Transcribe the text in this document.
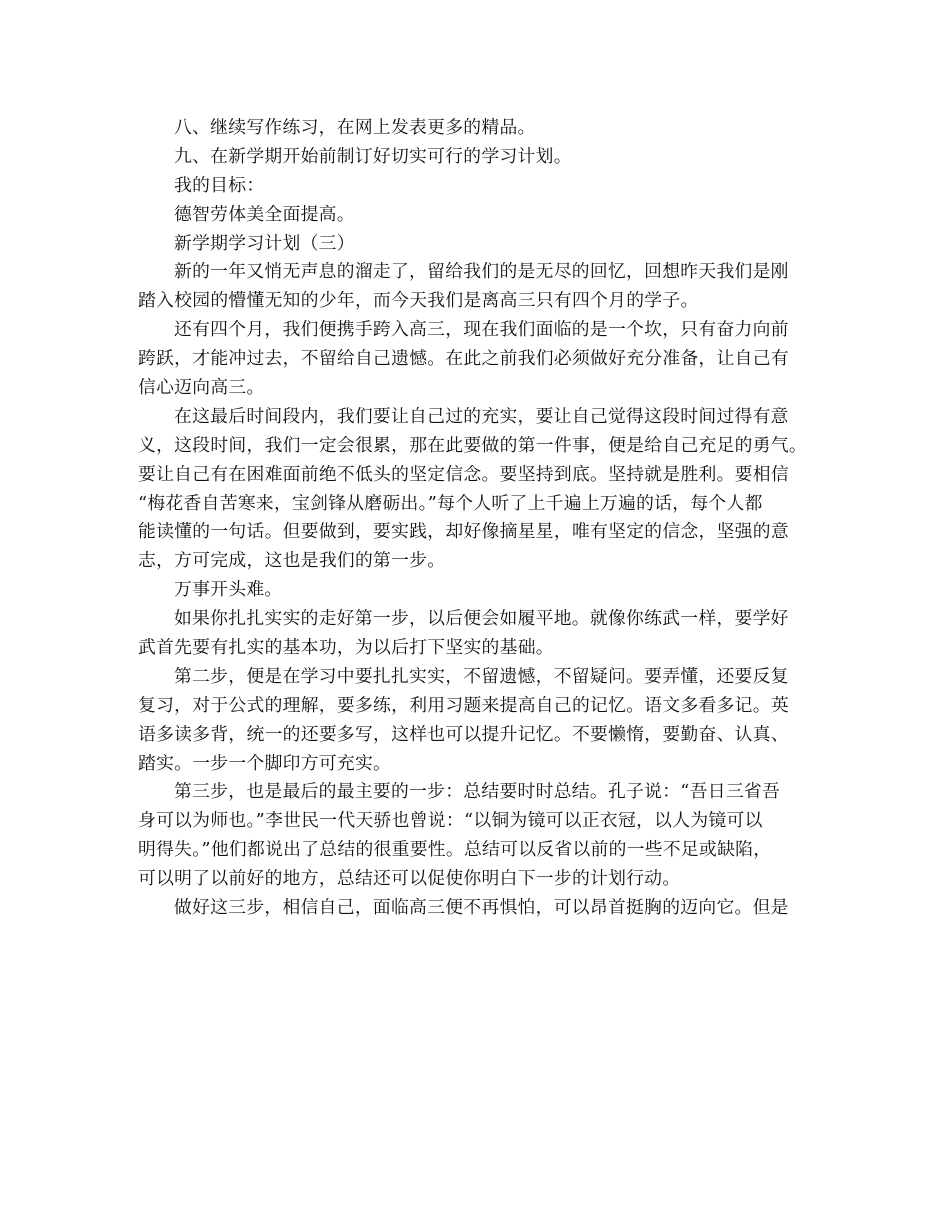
八、继续写作练习，在网上发表更多的精品。
九、在新学期开始前制订好切实可行的学习计划。
我的目标：
德智劳体美全面提高。
新学期学习计划（三）
新的一年又悄无声息的溜走了，留给我们的是无尽的回忆，回想昨天我们是刚
踏入校园的懵懂无知的少年，而今天我们是离高三只有四个月的学子。
还有四个月，我们便携手跨入高三，现在我们面临的是一个坎，只有奋力向前
跨跃，才能冲过去，不留给自己遗憾。在此之前我们必须做好充分准备，让自己有
信心迈向高三。
在这最后时间段内，我们要让自己过的充实，要让自己觉得这段时间过得有意
义，这段时间，我们一定会很累，那在此要做的第一件事，便是给自己充足的勇气。
要让自己有在困难面前绝不低头的坚定信念。要坚持到底。坚持就是胜利。要相信
“梅花香自苦寒来，宝剑锋从磨砺出。”每个人听了上千遍上万遍的话，每个人都
能读懂的一句话。但要做到，要实践，却好像摘星星，唯有坚定的信念，坚强的意
志，方可完成，这也是我们的第一步。
万事开头难。
如果你扎扎实实的走好第一步，以后便会如履平地。就像你练武一样，要学好
武首先要有扎实的基本功，为以后打下坚实的基础。
第二步，便是在学习中要扎扎实实，不留遗憾，不留疑问。要弄懂，还要反复
复习，对于公式的理解，要多练，利用习题来提高自己的记忆。语文多看多记。英
语多读多背，统一的还要多写，这样也可以提升记忆。不要懒惰，要勤奋、认真、
踏实。一步一个脚印方可充实。
第三步，也是最后的最主要的一步：总结要时时总结。孔子说：“吾日三省吾
身可以为师也。”李世民一代天骄也曾说：“以铜为镜可以正衣冠，以人为镜可以
明得失。”他们都说出了总结的很重要性。总结可以反省以前的一些不足或缺陷，
可以明了以前好的地方，总结还可以促使你明白下一步的计划行动。
做好这三步，相信自己，面临高三便不再惧怕，可以昂首挺胸的迈向它。但是
